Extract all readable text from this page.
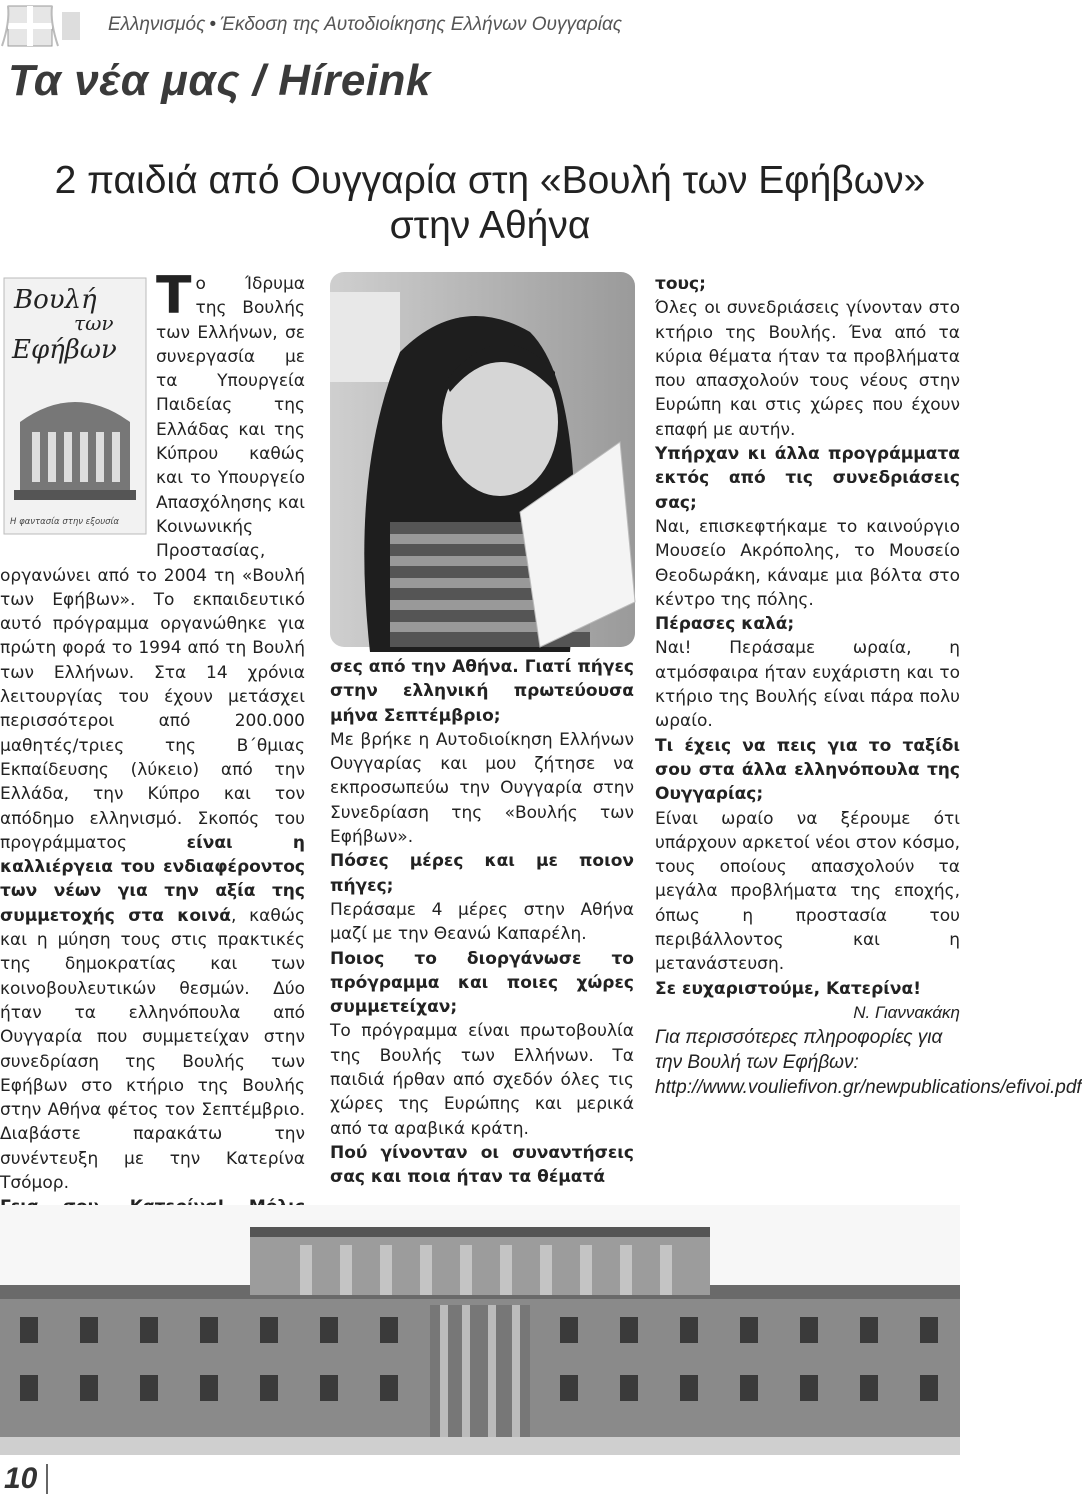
Ελληνισμός • Έκδοση της Αυτοδιοίκησης Ελλήνων Ουγγαρίας
Τα νέα μας / Híreink
2 παιδιά από Ουγγαρία στη «Βουλή των Εφήβων»
στην Αθήνα
Βουλή
των
Εφήβων
Η φαντασία στην εξουσία

Το Ίδρυμα της Βουλής των Ελλήνων, σε συνεργασία με τα Υπουργεία Παιδείας της Ελλάδας και της Κύπρου καθώς και το Υπουργείο Απασχόλησης και Κοινωνικής Προστασίας, οργανώνει από το 2004 τη «Βουλή των Εφήβων». Το εκπαιδευτικό αυτό πρόγραμμα οργανώθηκε για πρώτη φορά το 1994 από τη Βουλή των Ελλήνων. Στα 14 χρόνια λειτουργίας του έχουν μετάσχει περισσότεροι από 200.000 μαθητές/τριες της Β΄θμιας Εκπαίδευσης (λύκειο) από την Ελλάδα, την Κύπρο και τον απόδημο ελληνισμό. Σκοπός του προγράμματος	είναι η καλλιέργεια του ενδιαφέροντος των νέων για την αξία της συμμετοχής στα κοινά, καθώς και η μύηση τους στις πρακτικές της δημοκρατίας και των κοινοβουλευτικών θεσμών. Δύο ήταν τα ελληνόπουλα από Ουγγαρία που συμμετείχαν στην συνεδρίαση της Βουλής των Εφήβων στο κτήριο της Βουλής στην Αθήνα φέτος τον Σεπτέμβριο. Διαβάστε παρακάτω την συνέντευξη με την Κατερίνα Τσόμορ.

σες από την Αθήνα. Γιατί πήγες στην ελληνική πρωτεύουσα μήνα Σεπτέμβριο;

Με βρήκε η Αυτοδιοίκηση Ελλήνων Ουγγαρίας και μου ζήτησε να εκπροσωπεύω την Ουγγαρία στην Συνεδρίαση της «Βουλής των Εφήβων».

Πόσες μέρες και με ποιον πήγες;

Περάσαμε 4 μέρες στην Αθήνα μαζί με την Θεανώ Καπαρέλη.

Ποιος το διοργάνωσε το πρόγραμμα και ποιες χώρες συμμετείχαν;

Το πρόγραμμα είναι πρωτοβουλία της Βουλής των Ελλήνων. Τα παιδιά ήρθαν από σχεδόν όλες τις χώρες της Ευρώπης και μερικά από τα αραβικά κράτη.

Πού γίνονταν οι συναντήσεις σας και ποια ήταν τα θέματά

τους;

Όλες οι συνεδριάσεις γίνονταν στο κτήριο της Βουλής. Ένα από τα κύρια θέματα ήταν τα προβλήματα που απασχολούν τους νέους στην Ευρώπη και στις χώρες που έχουν επαφή με αυτήν.

Υπήρχαν κι άλλα προγράμματα εκτός από τις συνεδριάσεις σας;

Ναι, επισκεφτήκαμε το καινούργιο Μουσείο Ακρόπολης, το Μουσείο Θεοδωράκη, κάναμε μια βόλτα στο κέντρο της πόλης.

Πέρασες καλά;

Ναι! Περάσαμε ωραία, η ατμόσφαιρα ήταν ευχάριστη και το κτήριο της Βουλής είναι πάρα πολυ ωραίο.

Τι έχεις να πεις για το ταξίδι σου στα άλλα ελληνόπουλα της Ουγγαρίας;

Είναι ωραίο να ξέρουμε ότι υπάρχουν αρκετοί νέοι στον κόσμο, τους οποίους απασχολούν τα μεγάλα προβλήματα της εποχής, όπως η προστασία του περιβάλλοντος και η μετανάστευση.

Σε ευχαριστούμε, Κατερίνα!

Ν. Γιαννακάκη

Για περισσότερες πληροφορίες για την Βουλή των Εφήβων: http://www.vouliefivon.gr/newpublications/efivoi.pdf

10
